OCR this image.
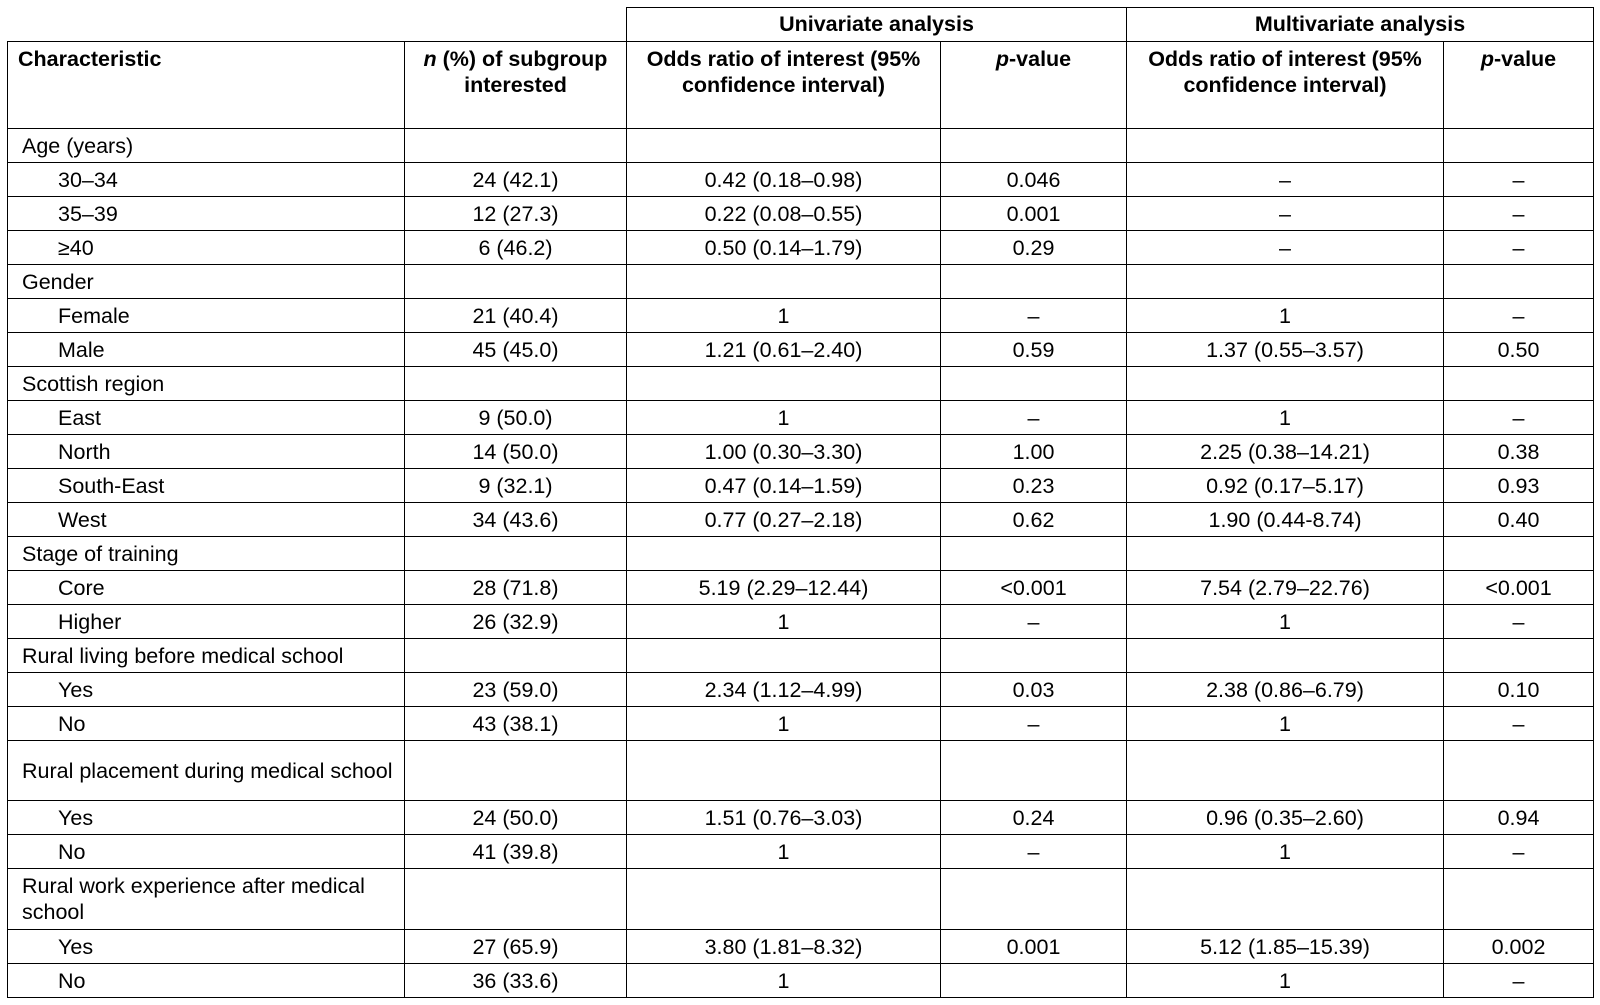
		Univariate analysis		Multivariate analysis	
Characteristic	n (%) of subgroup interested	Odds ratio of interest (95% confidence interval)	p-value	Odds ratio of interest (95% confidence interval)	p-value
Age (years)					
30–34	24 (42.1)	0.42 (0.18–0.98)	0.046	–	–
35–39	12 (27.3)	0.22 (0.08–0.55)	0.001	–	–
≥40	6 (46.2)	0.50 (0.14–1.79)	0.29	–	–
Gender					
Female	21 (40.4)	1	–	1	–
Male	45 (45.0)	1.21 (0.61–2.40)	0.59	1.37 (0.55–3.57)	0.50
Scottish region					
East	9 (50.0)	1	–	1	–
North	14 (50.0)	1.00 (0.30–3.30)	1.00	2.25 (0.38–14.21)	0.38
South-East	9 (32.1)	0.47 (0.14–1.59)	0.23	0.92 (0.17–5.17)	0.93
West	34 (43.6)	0.77 (0.27–2.18)	0.62	1.90 (0.44-8.74)	0.40
Stage of training					
Core	28 (71.8)	5.19 (2.29–12.44)	<0.001	7.54 (2.79–22.76)	<0.001
Higher	26 (32.9)	1	–	1	–
Rural living before medical school					
Yes	23 (59.0)	2.34 (1.12–4.99)	0.03	2.38 (0.86–6.79)	0.10
No	43 (38.1)	1	–	1	–
Rural placement during medical school					
Yes	24 (50.0)	1.51 (0.76–3.03)	0.24	0.96 (0.35–2.60)	0.94
No	41 (39.8)	1	–	1	–
Rural work experience after medical school					
Yes	27 (65.9)	3.80 (1.81–8.32)	0.001	5.12 (1.85–15.39)	0.002
No	36 (33.6)	1		1	–
